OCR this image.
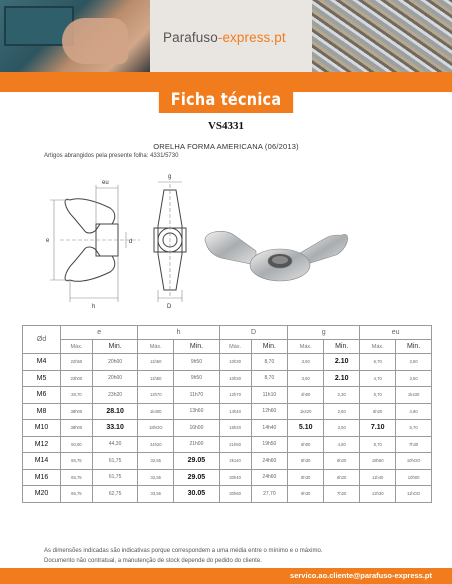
Parafuso-express.pt
Ficha técnica
VS4331
ORELHA FORMA AMERICANA (06/2013)
Artigos abrangidos pela presente folha: 4331/5730
eu
g
e	d
h	D
Ød	e		h		D		g		eu	
	Máx.	Min.	Máx.	Min.	Máx.	Min.	Máx.	Min.	Máx.	Min.
M4	22h50	20h00	11h50	9h50	10h30	8,70	3,50	2.10	6,70	3,50
M5	23h00	20h00	11h50	9h50	10h30	8,70	3,50	2.10	4,70	3,50
M6	28,70	23h20	13h70	11h70	12h70	11h10	4h00	2,30	5,70	1k430
M8	38h00	28.10	1k400	13h60	14h40	12h60	1k420	2,60	6h20	4,80
M10	38h00	33.10	18hOO	16h00	16h20	14h40	5.10	3,50	7.10	5,70
M12	50,00	44,30	24h20	21h00	21h50	19h50	6h00	4,80	8,70	7h30
M14	65,75	61,75	32,55	29.05	2k140	24h60	8h30	6h20	18h60	10hOO
M16	65,75	61,75	32,55	29.05	30h40	24h60	8h30	6h20	11h40	10h00
M20	66,75	62,75	33,55	30.05	30h60	27,70	9h30	7h20	12h30	11hOO
As dimensões indicadas são indicativas porque correspondem a uma média entre o mínimo e o máximo.
Documento não contratual, a manutenção de stock depende do pedido do cliente.
servico.ao.cliente@parafuso-express.pt
